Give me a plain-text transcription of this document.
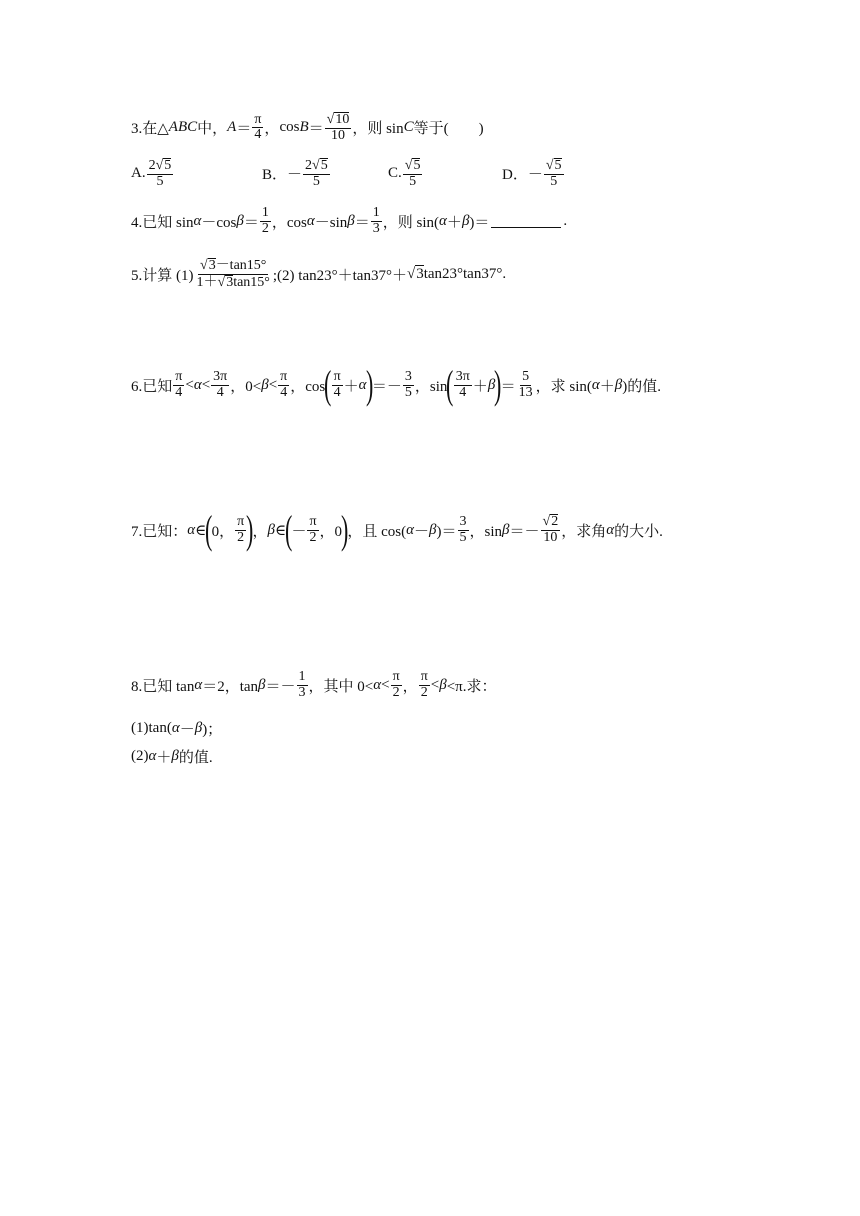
3.在△ ABC 中， $A = \frac{\pi}{4}$ ， $\cos B = \frac{√10}{10}$ ，则 sin C 等于(　　)
A. $\frac{2√5}{5}$	B．－ $\frac{2√5}{5}$	C. $\frac{√5}{5}$	D．－ $\frac{√5}{5}$
4.已知 sin α －cos $\beta = \frac{1}{2}$ ，cos α －sin $\beta = \frac{1}{3}$ ，则 sin( α ＋ β )＝	.
5.计算 $(1) \frac{√3-\tan 15^\circ}{1+√3\tan 15^\circ}$ ;(2) tan23°＋tan37°＋ √ 3 tan23°tan37°.
6.已知 $\frac{\pi}{4} < \alpha < \frac{3\pi}{4}$ ，$0< \beta < \frac{\pi}{4}$ ，cos
( $\frac{\pi}{4} + \alpha$
)
＝－ $\frac{3}{5}$ ，sin
( $\frac{3\pi}{4} + \beta$
)
＝ $\frac{5}{13}$ ，求 sin( α ＋ β )的值.
7.已知： α ∈
(
0， $\frac{\pi}{2}$ )
， β ∈
(
－ $\frac{\pi}{2}$ ，0
)
，且 cos( α － β )＝ $\frac{3}{5}$ ，$\sin \beta =- \frac{√2}{10}$ ，求角 α 的大小.
8.已知 tan α ＝2，$\tan \beta =- \frac{1}{3}$ ，其中 $0< \alpha < \frac{\pi}{2}$ ， $\frac{\pi}{2} < \beta <\pi$.求：
(1)tan( α － β )；
(2) α ＋ β 的值.
